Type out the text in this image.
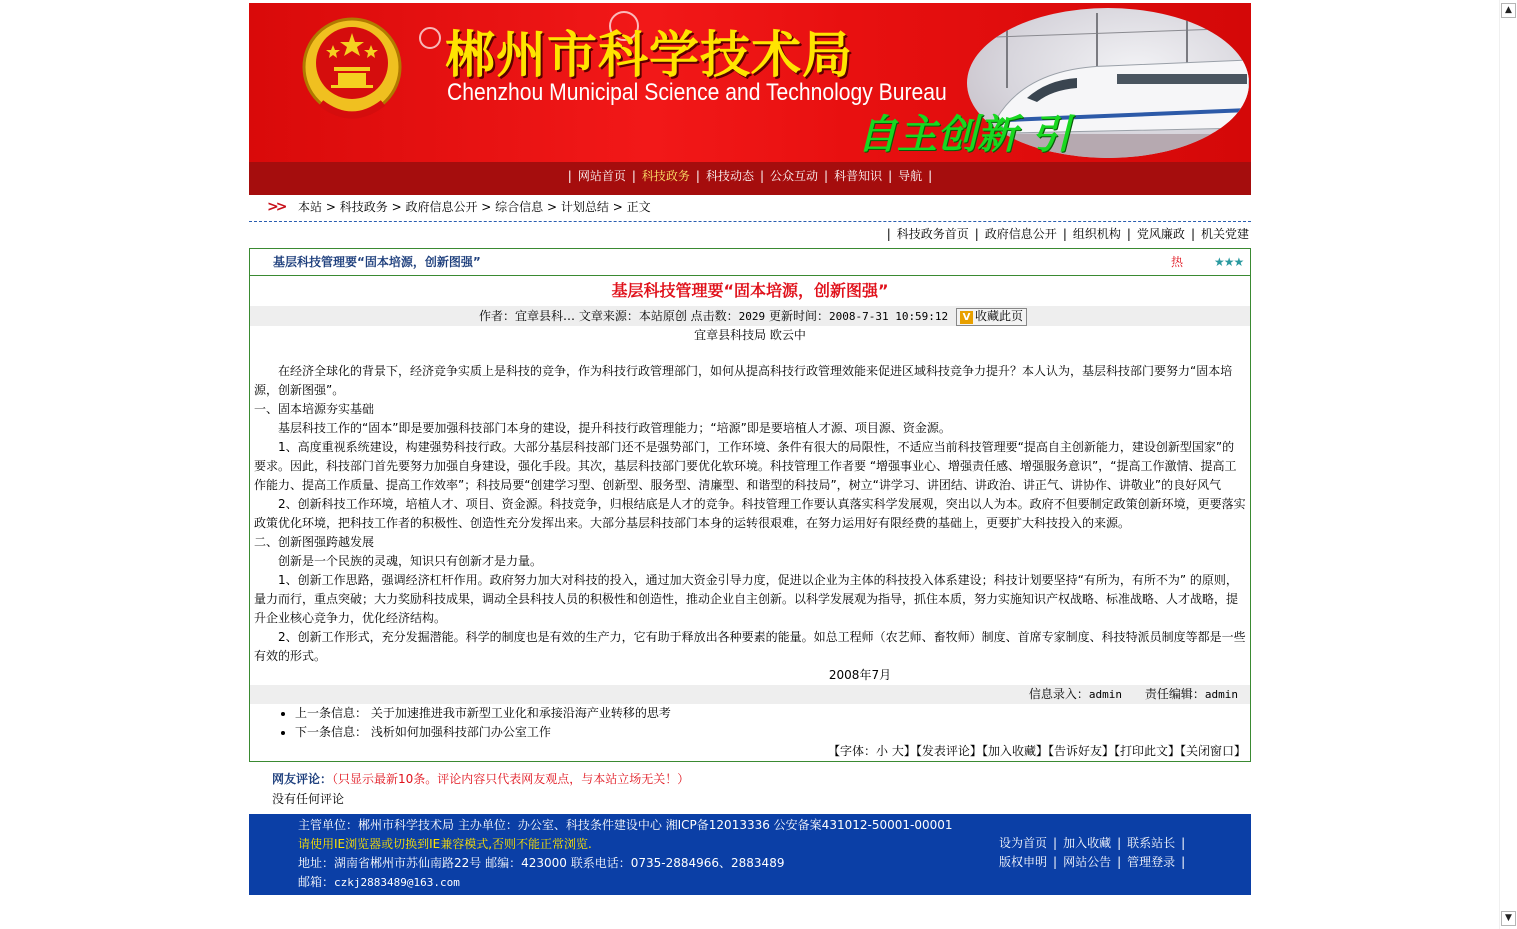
郴州市科学技术局
Chenzhou Municipal Science and Technology Bureau
自主创新 引
| 网站首页 | 科技政务 | 科技动态 | 公众互动 | 科普知识 | 导航 |
>> 本站 > 科技政务 > 政府信息公开 > 综合信息 > 计划总结 > 正文
| 科技政务首页 | 政府信息公开 | 组织机构 | 党风廉政 | 机关党建
基层科技管理要“固本培源，创新图强”	热	★★★
基层科技管理要“固本培源，创新图强”
作者：宜章县科… 文章来源：本站原创 点击数：2029 更新时间：2008-7-31 10:59:12 V 收藏此页
宜章县科技局 欧云中

在经济全球化的背景下，经济竞争实质上是科技的竞争，作为科技行政管理部门，如何从提高科技行政管理效能来促进区域科技竞争力提升？本人认为，基层科技部门要努力“固本培源，创新图强”。

一、固本培源夯实基础

基层科技工作的“固本”即是要加强科技部门本身的建设，提升科技行政管理能力；“培源”即是要培植人才源、项目源、资金源。

1、高度重视系统建设，构建强势科技行政。大部分基层科技部门还不是强势部门，工作环境、条件有很大的局限性，不适应当前科技管理要“提高自主创新能力，建设创新型国家”的要求。因此，科技部门首先要努力加强自身建设，强化手段。其次，基层科技部门要优化软环境。科技管理工作者要 “增强事业心、增强责任感、增强服务意识”，“提高工作激情、提高工作能力、提高工作质量、提高工作效率”；科技局要“创建学习型、创新型、服务型、清廉型、和谐型的科技局”，树立“讲学习、讲团结、讲政治、讲正气、讲协作、讲敬业”的良好风气

2、创新科技工作环境，培植人才、项目、资金源。科技竞争，归根结底是人才的竞争。科技管理工作要认真落实科学发展观，突出以人为本。政府不但要制定政策创新环境，更要落实政策优化环境，把科技工作者的积极性、创造性充分发挥出来。大部分基层科技部门本身的运转很艰难，在努力运用好有限经费的基础上，更要扩大科技投入的来源。

二、创新图强跨越发展

创新是一个民族的灵魂，知识只有创新才是力量。

1、创新工作思路，强调经济杠杆作用。政府努力加大对科技的投入，通过加大资金引导力度，促进以企业为主体的科技投入体系建设；科技计划要坚持“有所为，有所不为” 的原则，量力而行，重点突破；大力奖励科技成果，调动全县科技人员的积极性和创造性，推动企业自主创新。以科学发展观为指导，抓住本质，努力实施知识产权战略、标准战略、人才战略，提升企业核心竞争力，优化经济结构。

2、创新工作形式，充分发掘潜能。科学的制度也是有效的生产力，它有助于释放出各种要素的能量。如总工程师（农艺师、畜牧师）制度、首席专家制度、科技特派员制度等都是一些有效的形式。

2008年7月
信息录入：admin 责任编辑：admin
• 上一条信息： 关于加速推进我市新型工业化和承接沿海产业转移的思考
• 下一条信息： 浅析如何加强科技部门办公室工作
【字体：小 大】【发表评论】【加入收藏】【告诉好友】【打印此文】【关闭窗口】
网友评论：（只显示最新10条。评论内容只代表网友观点，与本站立场无关！）
没有任何评论
主管单位：郴州市科学技术局 主办单位：办公室、科技条件建设中心 湘ICP备12013336 公安备案431012-50001-00001
请使用IE浏览器或切换到IE兼容模式,否则不能正常浏览.
地址：湖南省郴州市苏仙南路22号 邮编：423000 联系电话：0735-2884966、2883489
邮箱：czkj2883489@163.com
设为首页 | 加入收藏 | 联系站长 |
版权申明 | 网站公告 | 管理登录 |
▲
▼
